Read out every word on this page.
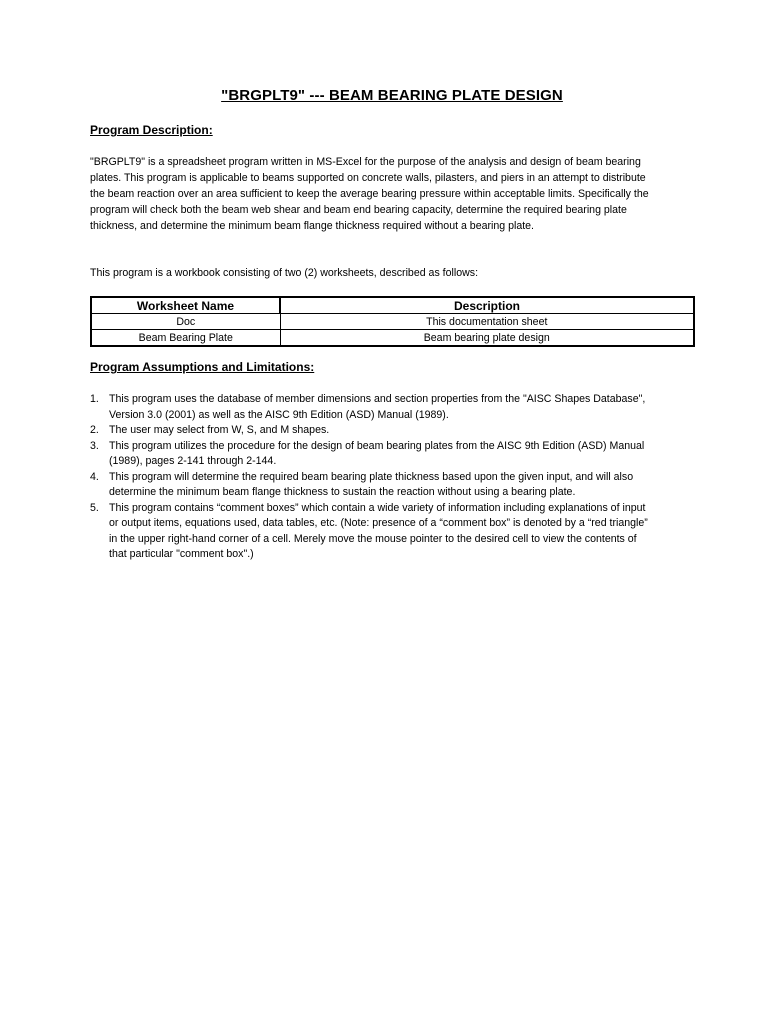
"BRGPLT9" --- BEAM BEARING PLATE DESIGN
Program Description:

"BRGPLT9" is a spreadsheet program written in MS-Excel for the purpose of the analysis and design of beam bearing plates. This program is applicable to beams supported on concrete walls, pilasters, and piers in an attempt to distribute the beam reaction over an area sufficient to keep the average bearing pressure within acceptable limits. Specifically the program will check both the beam web shear and beam end bearing capacity, determine the required bearing plate thickness, and determine the minimum beam flange thickness required without a bearing plate.

This program is a workbook consisting of two (2) worksheets, described as follows:

Worksheet Name	Description
Doc	This documentation sheet
Beam Bearing Plate	Beam bearing plate design
Program Assumptions and Limitations:
1. This program uses the database of member dimensions and section properties from the "AISC Shapes Database", Version 3.0 (2001) as well as the AISC 9th Edition (ASD) Manual (1989).
2. The user may select from W, S, and M shapes.
3. This program utilizes the procedure for the design of beam bearing plates from the AISC 9th Edition (ASD) Manual (1989), pages 2-141 through 2-144.
4. This program will determine the required beam bearing plate thickness based upon the given input, and will also determine the minimum beam flange thickness to sustain the reaction without using a bearing plate.
5. This program contains “comment boxes” which contain a wide variety of information including explanations of input or output items, equations used, data tables, etc. (Note: presence of a “comment box” is denoted by a “red triangle” in the upper right-hand corner of a cell. Merely move the mouse pointer to the desired cell to view the contents of that particular "comment box".)
